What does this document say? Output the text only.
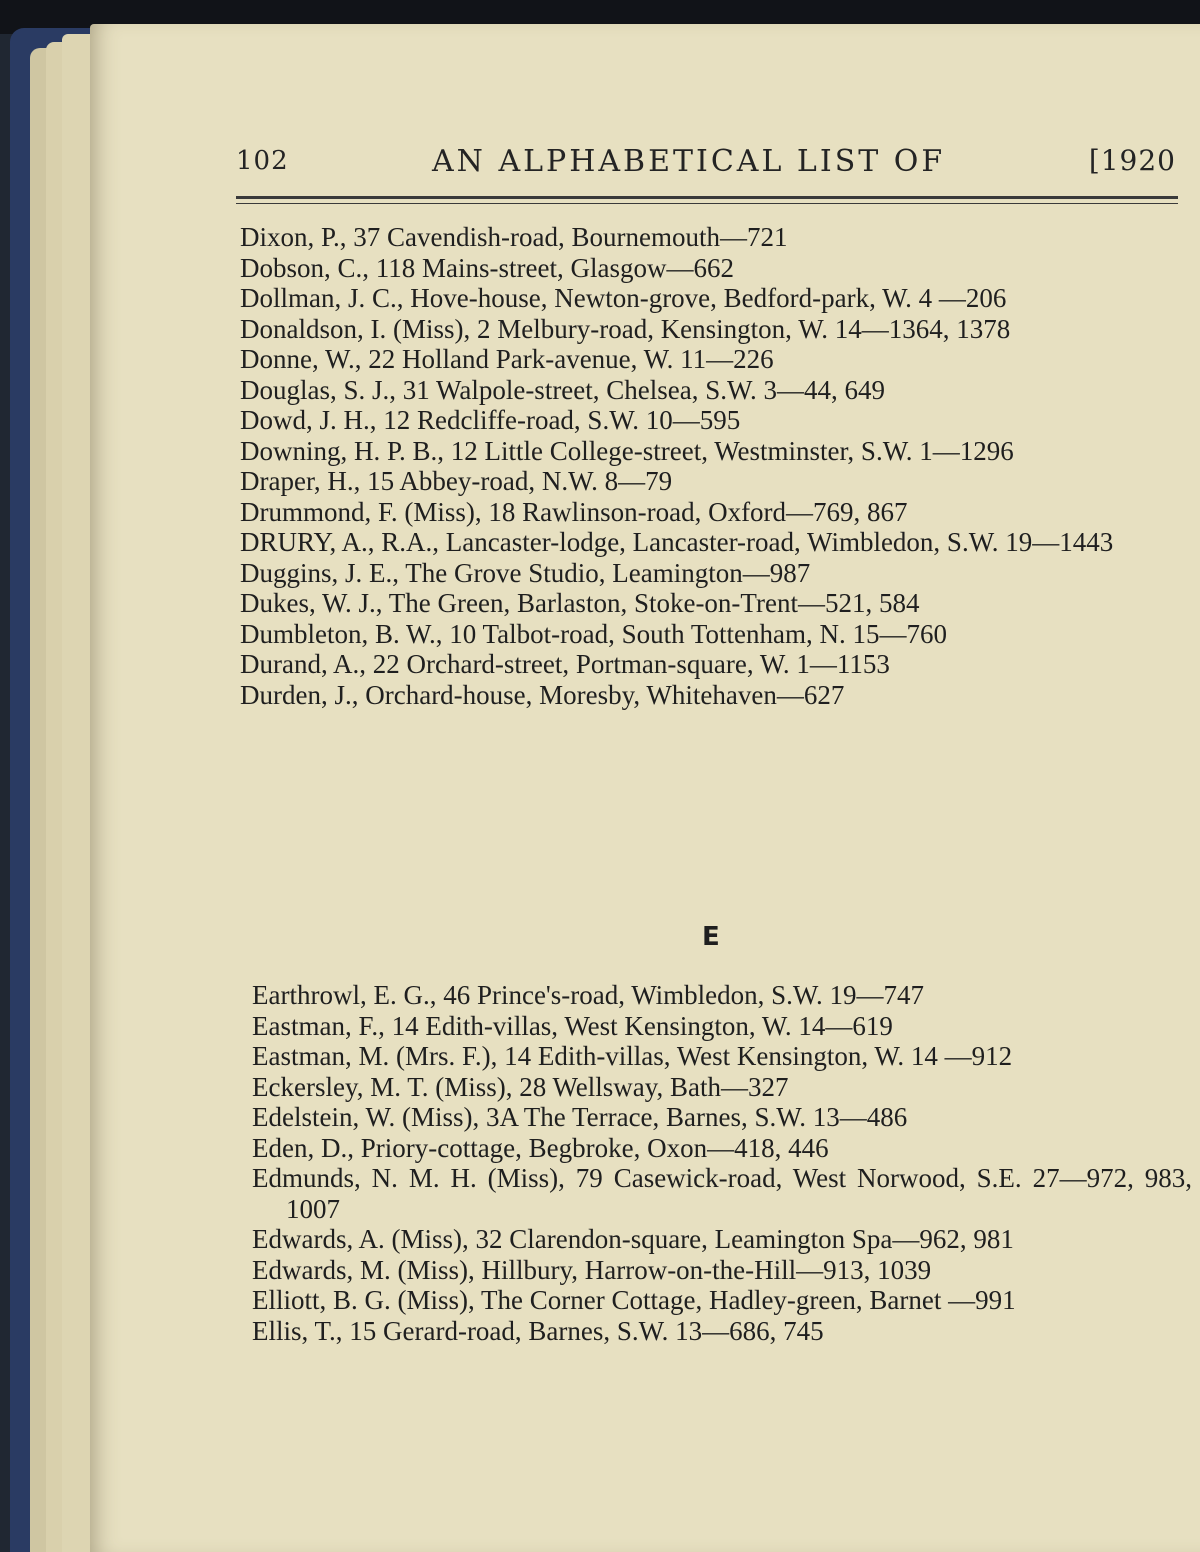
102	AN ALPHABETICAL LIST OF	[1920
Dixon, P., 37 Cavendish-road, Bournemouth—721
Dobson, C., 118 Mains-street, Glasgow—662
Dollman, J. C., Hove-house, Newton-grove, Bedford-park, W. 4 —206
Donaldson, I. (Miss), 2 Melbury-road, Kensington, W. 14—1364, 1378
Donne, W., 22 Holland Park-avenue, W. 11—226
Douglas, S. J., 31 Walpole-street, Chelsea, S.W. 3—44, 649
Dowd, J. H., 12 Redcliffe-road, S.W. 10—595
Downing, H. P. B., 12 Little College-street, Westminster, S.W. 1—1296
Draper, H., 15 Abbey-road, N.W. 8—79
Drummond, F. (Miss), 18 Rawlinson-road, Oxford—769, 867
DRURY, A., R.A., Lancaster-lodge, Lancaster-road, Wimbledon, S.W. 19—1443
Duggins, J. E., The Grove Studio, Leamington—987
Dukes, W. J., The Green, Barlaston, Stoke-on-Trent—521, 584
Dumbleton, B. W., 10 Talbot-road, South Tottenham, N. 15—760
Durand, A., 22 Orchard-street, Portman-square, W. 1—1153
Durden, J., Orchard-house, Moresby, Whitehaven—627
E
Earthrowl, E. G., 46 Prince's-road, Wimbledon, S.W. 19—747
Eastman, F., 14 Edith-villas, West Kensington, W. 14—619
Eastman, M. (Mrs. F.), 14 Edith-villas, West Kensington, W. 14 —912
Eckersley, M. T. (Miss), 28 Wellsway, Bath—327
Edelstein, W. (Miss), 3A The Terrace, Barnes, S.W. 13—486
Eden, D., Priory-cottage, Begbroke, Oxon—418, 446
Edmunds, N. M. H. (Miss), 79 Casewick-road, West Norwood, S.E. 27—972, 983, 1007
Edwards, A. (Miss), 32 Clarendon-square, Leamington Spa—962, 981
Edwards, M. (Miss), Hillbury, Harrow-on-the-Hill—913, 1039
Elliott, B. G. (Miss), The Corner Cottage, Hadley-green, Barnet —991
Ellis, T., 15 Gerard-road, Barnes, S.W. 13—686, 745
